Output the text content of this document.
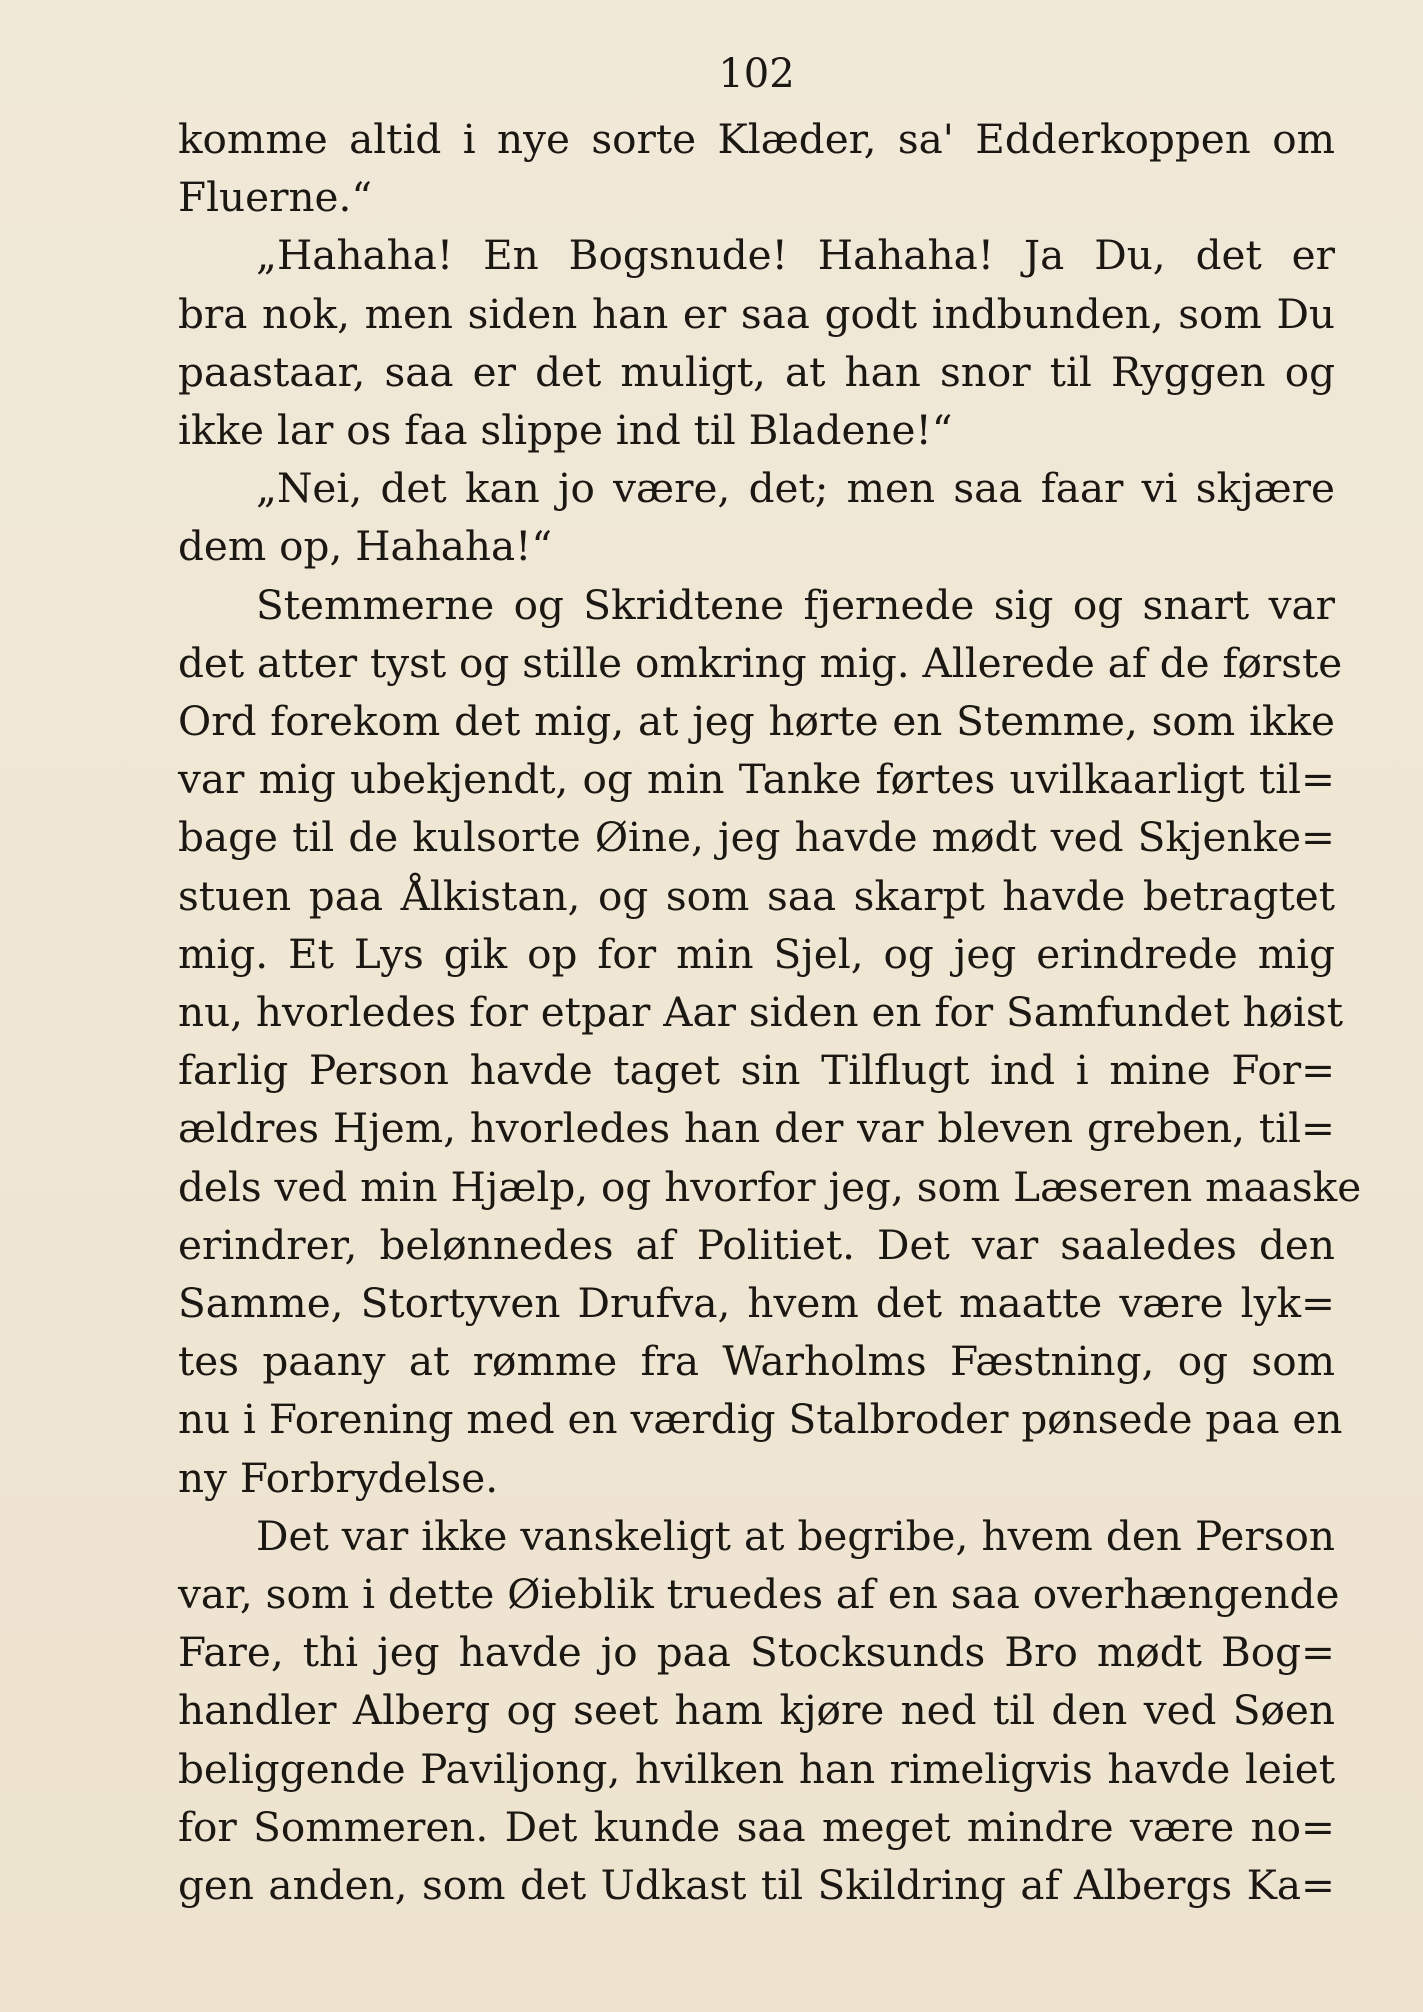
102
komme altid i nye sorte Klæder, sa' Edderkoppen om
Fluerne.“
„Hahaha! En Bogsnude! Hahaha! Ja Du, det er
bra nok, men siden han er saa godt indbunden, som Du
paastaar, saa er det muligt, at han snor til Ryggen og
ikke lar os faa slippe ind til Bladene!“
„Nei, det kan jo være, det; men saa faar vi skjære
dem op, Hahaha!“
Stemmerne og Skridtene fjernede sig og snart var
det atter tyst og stille omkring mig. Allerede af de første
Ord forekom det mig, at jeg hørte en Stemme, som ikke
var mig ubekjendt, og min Tanke førtes uvilkaarligt til=
bage til de kulsorte Øine, jeg havde mødt ved Skjenke=
stuen paa Ålkistan, og som saa skarpt havde betragtet
mig. Et Lys gik op for min Sjel, og jeg erindrede mig
nu, hvorledes for etpar Aar siden en for Samfundet høist
farlig Person havde taget sin Tilflugt ind i mine For=
ældres Hjem, hvorledes han der var bleven greben, til=
dels ved min Hjælp, og hvorfor jeg, som Læseren maaske
erindrer, belønnedes af Politiet. Det var saaledes den
Samme, Stortyven Drufva, hvem det maatte være lyk=
tes paany at rømme fra Warholms Fæstning, og som
nu i Forening med en værdig Stalbroder pønsede paa en
ny Forbrydelse.
Det var ikke vanskeligt at begribe, hvem den Person
var, som i dette Øieblik truedes af en saa overhængende
Fare, thi jeg havde jo paa Stocksunds Bro mødt Bog=
handler Alberg og seet ham kjøre ned til den ved Søen
beliggende Paviljong, hvilken han rimeligvis havde leiet
for Sommeren. Det kunde saa meget mindre være no=
gen anden, som det Udkast til Skildring af Albergs Ka=
